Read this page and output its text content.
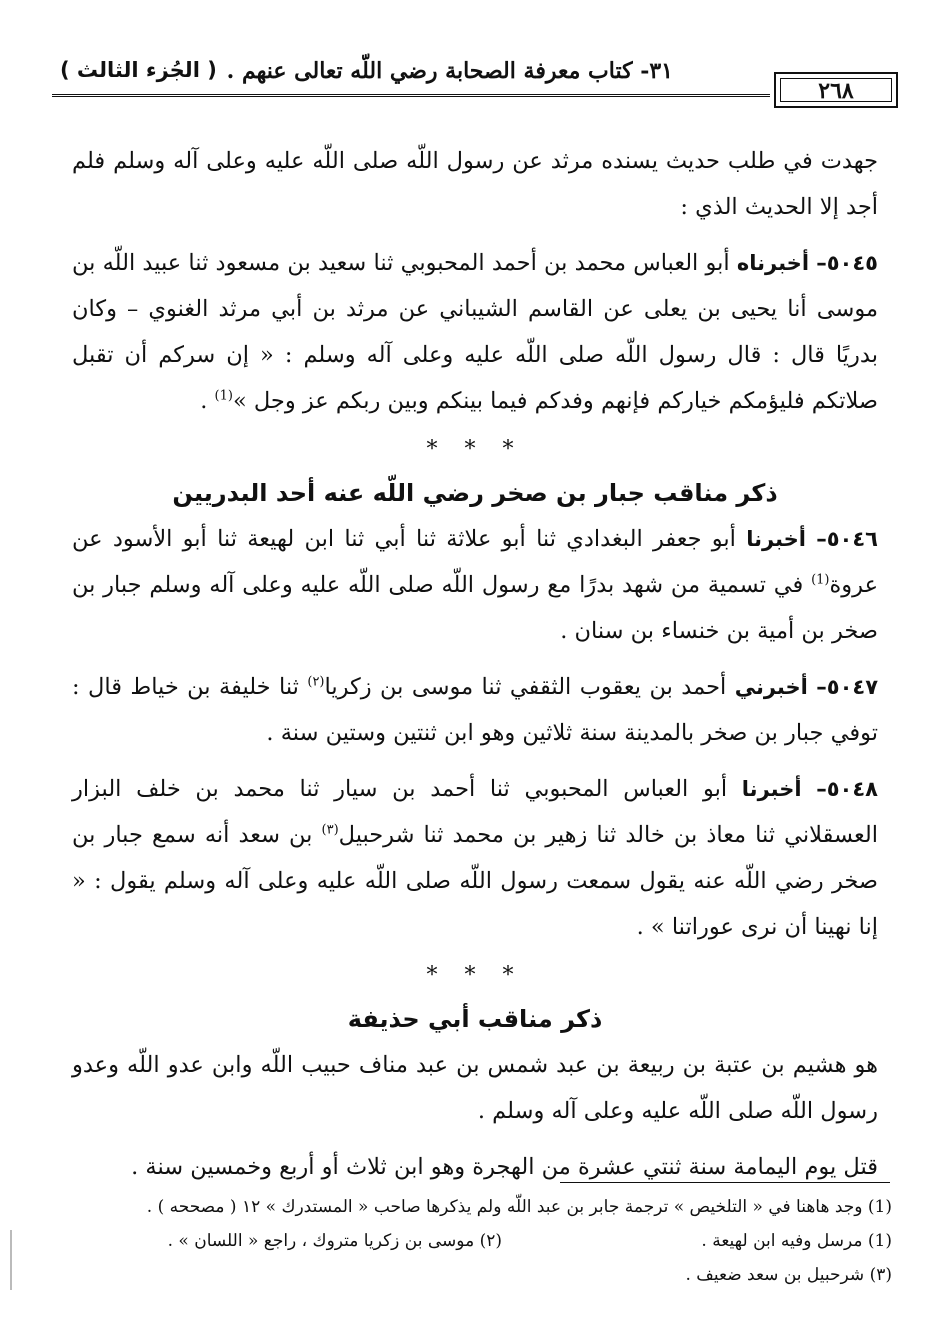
( الجُزء الثالث ) ٣١- كتاب معرفة الصحابة رضي اللّه تعالى عنهم .
٢٦٨

جهدت في طلب حديث يسنده مرثد عن رسول اللّه صلى اللّه عليه وعلى آله وسلم فلم أجد إلا الحديث الذي :

٥٠٤٥– أخبرناه أبو العباس محمد بن أحمد المحبوبي ثنا سعيد بن مسعود ثنا عبيد اللّه بن موسى أنا يحيى بن يعلى عن القاسم الشيباني عن مرثد بن أبي مرثد الغنوي – وكان بدريًا قال : قال رسول اللّه صلى اللّه عليه وعلى آله وسلم : « إن سركم أن تقبل صلاتكم فليؤمكم خياركم فإنهم وفدكم فيما بينكم وبين ربكم عز وجل »$^{(1)}$ .

* * *

ذكر مناقب جبار بن صخر رضي اللّه عنه أحد البدريين

٥٠٤٦– أخبرنا أبو جعفر البغدادي ثنا أبو علاثة ثنا أبي ثنا ابن لهيعة ثنا أبو الأسود عن عروة$^{(1)}$ في تسمية من شهد بدرًا مع رسول اللّه صلى اللّه عليه وعلى آله وسلم جبار بن صخر بن أمية بن خنساء بن سنان .

٥٠٤٧– أخبرني أحمد بن يعقوب الثقفي ثنا موسى بن زكريا$^{(٢)}$ ثنا خليفة بن خياط قال : توفي جبار بن صخر بالمدينة سنة ثلاثين وهو ابن ثنتين وستين سنة .

٥٠٤٨– أخبرنا أبو العباس المحبوبي ثنا أحمد بن سيار ثنا محمد بن خلف البزار العسقلاني ثنا معاذ بن خالد ثنا زهير بن محمد ثنا شرحبيل$^{(٣)}$ بن سعد أنه سمع جبار بن صخر رضي اللّه عنه يقول سمعت رسول اللّه صلى اللّه عليه وعلى آله وسلم يقول : « إنا نهينا أن نرى عوراتنا » .

* * *

ذكر مناقب أبي حذيفة

هو هشيم بن عتبة بن ربيعة بن عبد شمس بن عبد مناف حبيب اللّه وابن عدو اللّه وعدو رسول اللّه صلى اللّه عليه وعلى آله وسلم .

قتل يوم اليمامة سنة ثنتي عشرة من الهجرة وهو ابن ثلاث أو أربع وخمسين سنة .

(1) وجد هاهنا في « التلخيص » ترجمة جابر بن عبد اللّه ولم يذكرها صاحب « المستدرك » ١٢ ( مصححه ) .
(1) مرسل وفيه ابن لهيعة .
(٢) موسى بن زكريا متروك ، راجع « اللسان » .
(٣) شرحبيل بن سعد ضعيف .
